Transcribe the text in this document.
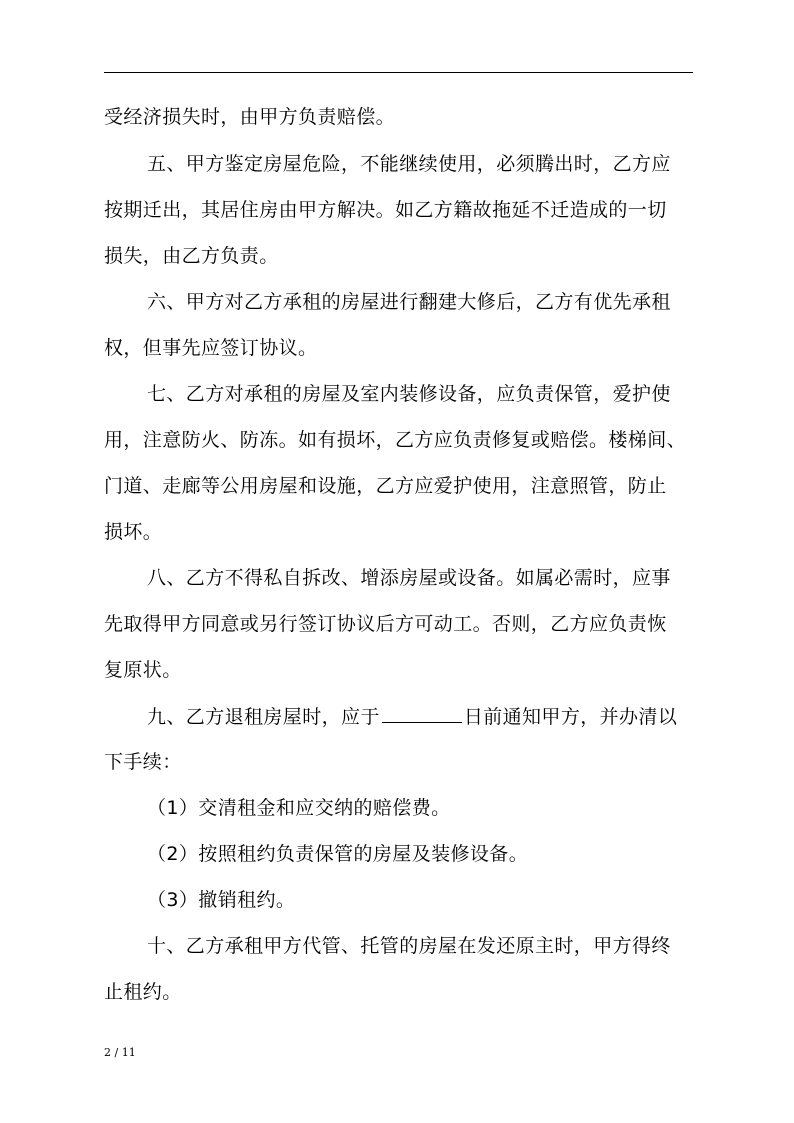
受经济损失时，由甲方负责赔偿。
五、甲方鉴定房屋危险，不能继续使用，必须腾出时，乙方应
按期迁出，其居住房由甲方解决。如乙方籍故拖延不迁造成的一切
损失，由乙方负责。
六、甲方对乙方承租的房屋进行翻建大修后，乙方有优先承租
权，但事先应签订协议。
七、乙方对承租的房屋及室内装修设备，应负责保管，爱护使
用，注意防火、防冻。如有损坏，乙方应负责修复或赔偿。楼梯间、
门道、走廊等公用房屋和设施，乙方应爱护使用，注意照管，防止
损坏。
八、乙方不得私自拆改、增添房屋或设备。如属必需时，应事
先取得甲方同意或另行签订协议后方可动工。否则，乙方应负责恢
复原状。
九、乙方退租房屋时，应于	日前通知甲方，并办清以
下手续：
（1）交清租金和应交纳的赔偿费。
（2）按照租约负责保管的房屋及装修设备。
（3）撤销租约。
十、乙方承租甲方代管、托管的房屋在发还原主时，甲方得终
止租约。
2 / 11
